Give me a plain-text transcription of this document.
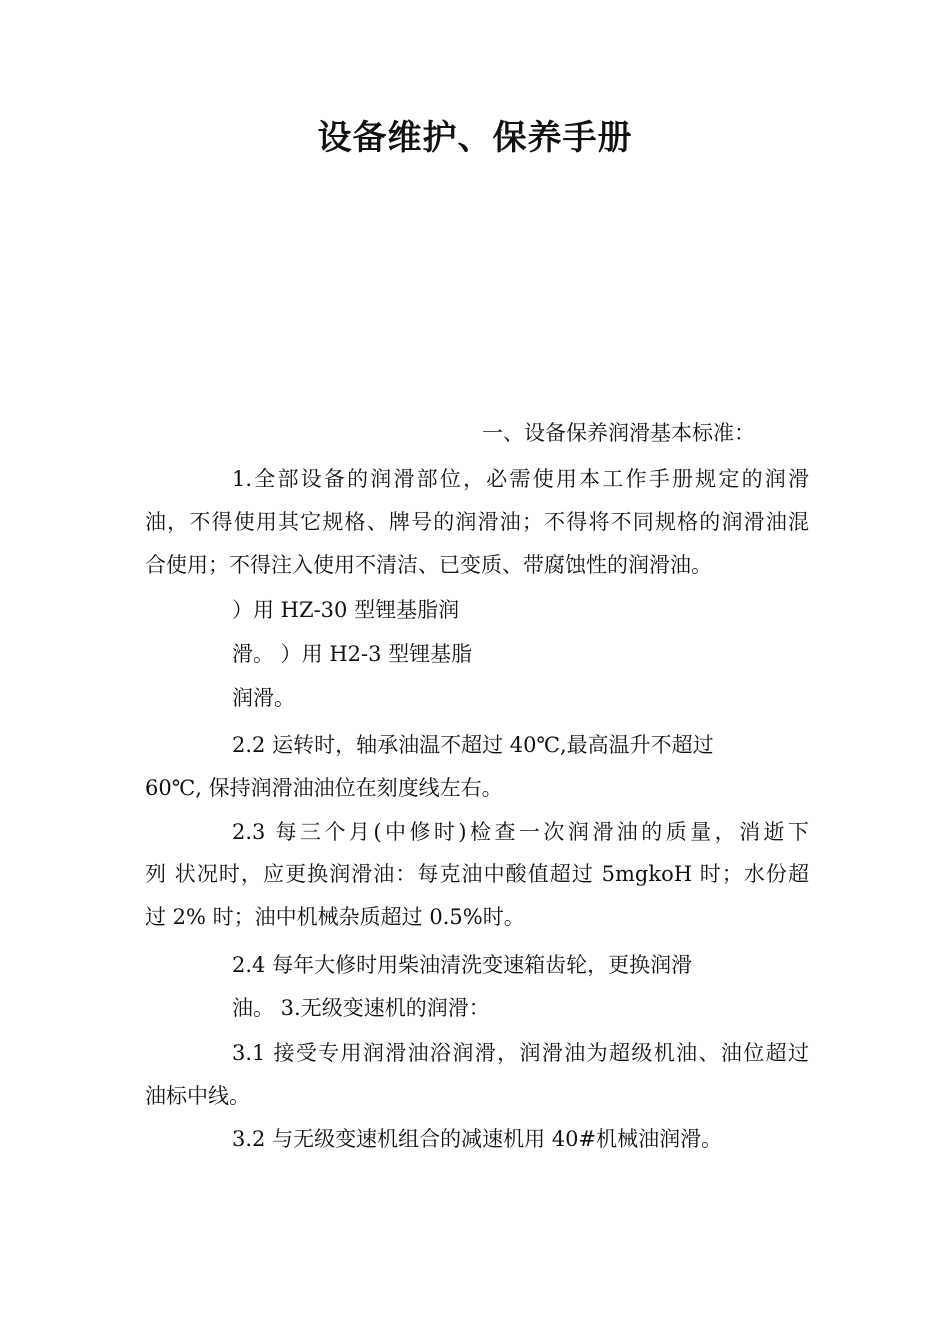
设备维护、保养手册
一、设备保养润滑基本标准：
1.全部设备的润滑部位，必需使用本工作手册规定的润滑
油，不得使用其它规格、牌号的润滑油；不得将不同规格的润滑油混
合使用；不得注入使用不清洁、已变质、带腐蚀性的润滑油。
）用 HZ-30 型锂基脂润
滑。 ）用 H2-3 型锂基脂
润滑。
2.2 运转时，轴承油温不超过 40℃,最高温升不超过
60℃, 保持润滑油油位在刻度线左右。
2.3 每三个月(中修时)检查一次润滑油的质量，消逝下
列 状况时，应更换润滑油：每克油中酸值超过 5mgkoH 时；水份超
过 2% 时；油中机械杂质超过 0.5%时。
2.4 每年大修时用柴油清洗变速箱齿轮，更换润滑
油。 3.无级变速机的润滑：
3.1 接受专用润滑油浴润滑，润滑油为超级机油、油位超过
油标中线。
3.2 与无级变速机组合的减速机用 40#机械油润滑。
